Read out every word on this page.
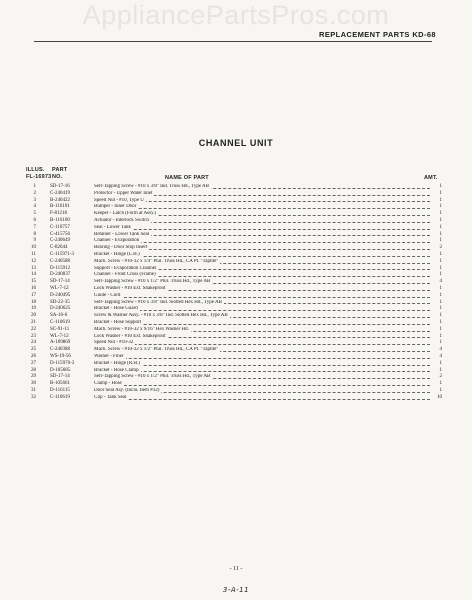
AppliancePartsPros.com
REPLACEMENT PARTS KD-68
CHANNEL UNIT
ILLUS.
FL-16973
PART
NO.	NAME OF PART	AMT.
1	SD-17-16	Self-Tapping Screw - #10 x 3/8" Ind. Truss Hd., Type AB	1
2	C-240419	Protector - Upper Water Inlet	1
3	B-240422	Speed Nut - #10, Type U	1
4	B-116101	Bumper - Inner Door	1
5	F-81218	Keeper - Latch (Form at Assy.)	1
6	B-116100	Actuator - Interlock Switch	1
7	C-110757	Seal - Lower Tank	1
8	C-415756	Retainer - Lower Tank Seal	1
9	C-240649	Channel - Evaporation	1
10	C-82044	Bearing - Door Stop Insert	2
11	C-115971-3	Bracket - Hinge (L.H.)	1
12	C-240588	Mach. Screw - #10-32 x 1/4" Phil. Truss Hd., CA Pt. "Taptite"	1
13	D-115912	Support - Evaporation Channel	1
14	D-240037	Channel - Front Cross (Frame)	1
15	SD-17-14	Self-Tapping Screw - #10 x 1/2" Phil. Truss Hd., Type AB	4
16	WL-7-12	Lock Washer - #10 Ext. Shakeproof	1
17	D-240495	Guide - Cord	1
18	SD-22-35	Self-Tapping Screw - #10 x 3/8" Ind. Slotted Hex Hd., Type AB	1
19	D-240625	Bracket - Hose Guard	1
20	SA-16-6	Screw & Washer Assy. - #10 x 3/8" Ind. Slotted Hex Hd., Type AB	1
21	C-110619	Bracket - Hose Support	1
22	SC-91-11	Mach. Screw - #10-32 x 9/16" Hex Washer Hd.	1
23	WL-7-12	Lock Washer - #10 Ext. Shakeproof	1
24	A-109869	Speed Nut - #10-32	1
25	C-240388	Mach. Screw - #10-32 x 1/2" Phil. Truss Hd., CA Pt. "Taptite"	4
26	WS-19-56	Washer - Fiber	4
27	D-115970-3	Bracket - Hinge (R.H.)	1
28	D-105685	Bracket - Hose Clamp	1
29	SD-17-14	Self-Tapping Screw - #10 x 1/2" Phil. Truss Hd., Type AB	2
30	B-105661	Clamp - Hose	1
31	D-116115	Door Seal Asy. (Inclu. Item #32)	1
32	C-110619	Clip - Tank Seal	10
- 11 -
3-A-11
